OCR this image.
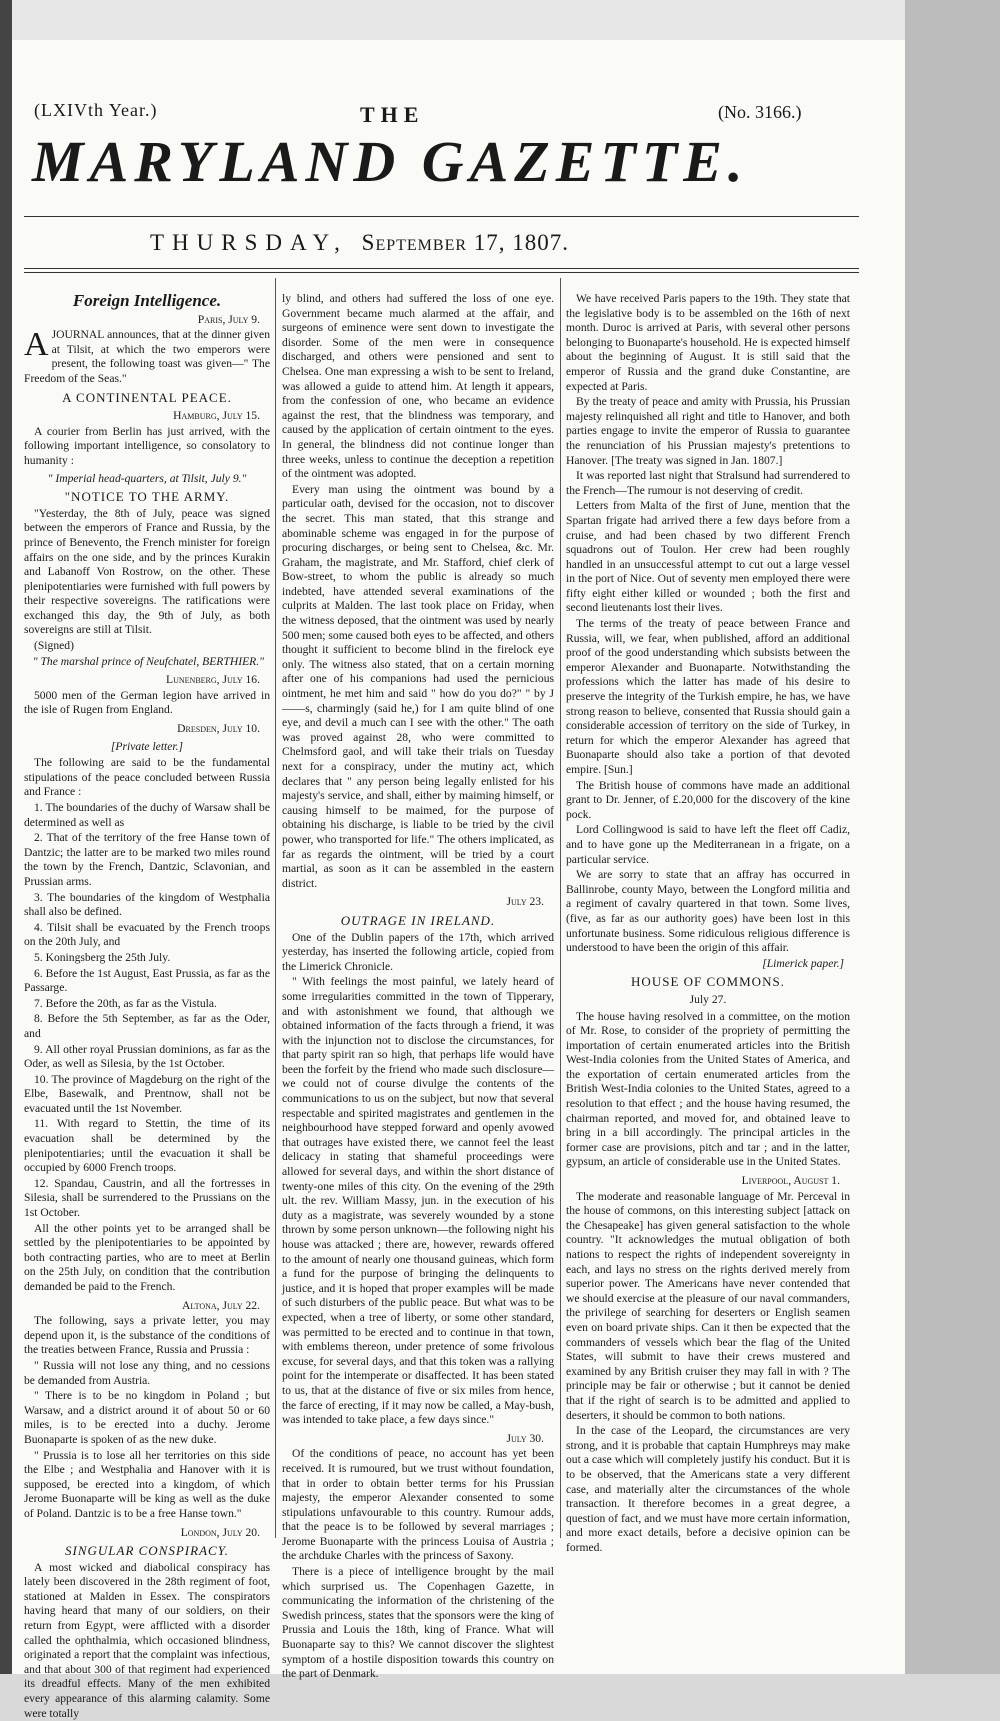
(LXIVth Year.)	THE	(No. 3166.)
MARYLAND GAZETTE.
THURSDAY, September 17, 1807.
Foreign Intelligence.
Paris, July 9.

AJOURNAL announces, that at the dinner given at Tilsit, at which the two emperors were present, the following toast was given—" The Freedom of the Seas."

A CONTINENTAL PEACE.
Hamburg, July 15.

A courier from Berlin has just arrived, with the following important intelligence, so consolatory to humanity :

" Imperial head-quarters, at Tilsit, July 9."

"NOTICE TO THE ARMY.

"Yesterday, the 8th of July, peace was signed between the emperors of France and Russia, by the prince of Benevento, the French minister for foreign affairs on the one side, and by the princes Kurakin and Labanoff Von Rostrow, on the other. These plenipotentiaries were furnished with full powers by their respective sovereigns. The ratifications were exchanged this day, the 9th of July, as both sovereigns are still at Tilsit.

(Signed)

" The marshal prince of Neufchatel, BERTHIER."

Lunenberg, July 16.

5000 men of the German legion have arrived in the isle of Rugen from England.

Dresden, July 10.

[Private letter.]

The following are said to be the fundamental stipulations of the peace concluded between Russia and France :

1. The boundaries of the duchy of Warsaw shall be determined as well as

2. That of the territory of the free Hanse town of Dantzic; the latter are to be marked two miles round the town by the French, Dantzic, Sclavonian, and Prussian arms.

3. The boundaries of the kingdom of Westphalia shall also be defined.

4. Tilsit shall be evacuated by the French troops on the 20th July, and

5. Koningsberg the 25th July.

6. Before the 1st August, East Prussia, as far as the Passarge.

7. Before the 20th, as far as the Vistula.

8. Before the 5th September, as far as the Oder, and

9. All other royal Prussian dominions, as far as the Oder, as well as Silesia, by the 1st October.

10. The province of Magdeburg on the right of the Elbe, Basewalk, and Prentnow, shall not be evacuated until the 1st November.

11. With regard to Stettin, the time of its evacuation shall be determined by the plenipotentiaries; until the evacuation it shall be occupied by 6000 French troops.

12. Spandau, Caustrin, and all the fortresses in Silesia, shall be surrendered to the Prussians on the 1st October.

All the other points yet to be arranged shall be settled by the plenipotentiaries to be appointed by both contracting parties, who are to meet at Berlin on the 25th July, on condition that the contribution demanded be paid to the French.

Altona, July 22.

The following, says a private letter, you may depend upon it, is the substance of the conditions of the treaties between France, Russia and Prussia :

" Russia will not lose any thing, and no cessions be demanded from Austria.

" There is to be no kingdom in Poland ; but Warsaw, and a district around it of about 50 or 60 miles, is to be erected into a duchy. Jerome Buonaparte is spoken of as the new duke.

" Prussia is to lose all her territories on this side the Elbe ; and Westphalia and Hanover with it is supposed, be erected into a kingdom, of which Jerome Buonaparte will be king as well as the duke of Poland. Dantzic is to be a free Hanse town."

London, July 20.
SINGULAR CONSPIRACY.

A most wicked and diabolical conspiracy has lately been discovered in the 28th regiment of foot, stationed at Malden in Essex. The conspirators having heard that many of our soldiers, on their return from Egypt, were afflicted with a disorder called the ophthalmia, which occasioned blindness, originated a report that the complaint was infectious, and that about 300 of that regiment had experienced its dreadful effects. Many of the men exhibited every appearance of this alarming calamity. Some were totally

ly blind, and others had suffered the loss of one eye. Government became much alarmed at the affair, and surgeons of eminence were sent down to investigate the disorder. Some of the men were in consequence discharged, and others were pensioned and sent to Chelsea. One man expressing a wish to be sent to Ireland, was allowed a guide to attend him. At length it appears, from the confession of one, who became an evidence against the rest, that the blindness was temporary, and caused by the application of certain ointment to the eyes. In general, the blindness did not continue longer than three weeks, unless to continue the deception a repetition of the ointment was adopted.

Every man using the ointment was bound by a particular oath, devised for the occasion, not to discover the secret. This man stated, that this strange and abominable scheme was engaged in for the purpose of procuring discharges, or being sent to Chelsea, &c. Mr. Graham, the magistrate, and Mr. Stafford, chief clerk of Bow-street, to whom the public is already so much indebted, have attended several examinations of the culprits at Malden. The last took place on Friday, when the witness deposed, that the ointment was used by nearly 500 men; some caused both eyes to be affected, and others thought it sufficient to become blind in the firelock eye only. The witness also stated, that on a certain morning after one of his companions had used the pernicious ointment, he met him and said " how do you do?" " by J——s, charmingly (said he,) for I am quite blind of one eye, and devil a much can I see with the other." The oath was proved against 28, who were committed to Chelmsford gaol, and will take their trials on Tuesday next for a conspiracy, under the mutiny act, which declares that " any person being legally enlisted for his majesty's service, and shall, either by maiming himself, or causing himself to be maimed, for the purpose of obtaining his discharge, is liable to be tried by the civil power, who transported for life." The others implicated, as far as regards the ointment, will be tried by a court martial, as soon as it can be assembled in the eastern district.

July 23.
OUTRAGE IN IRELAND.

One of the Dublin papers of the 17th, which arrived yesterday, has inserted the following article, copied from the Limerick Chronicle.

" With feelings the most painful, we lately heard of some irregularities committed in the town of Tipperary, and with astonishment we found, that although we obtained information of the facts through a friend, it was with the injunction not to disclose the circumstances, for that party spirit ran so high, that perhaps life would have been the forfeit by the friend who made such disclosure—we could not of course divulge the contents of the communications to us on the subject, but now that several respectable and spirited magistrates and gentlemen in the neighbourhood have stepped forward and openly avowed that outrages have existed there, we cannot feel the least delicacy in stating that shameful proceedings were allowed for several days, and within the short distance of twenty-one miles of this city. On the evening of the 29th ult. the rev. William Massy, jun. in the execution of his duty as a magistrate, was severely wounded by a stone thrown by some person unknown—the following night his house was attacked ; there are, however, rewards offered to the amount of nearly one thousand guineas, which form a fund for the purpose of bringing the delinquents to justice, and it is hoped that proper examples will be made of such disturbers of the public peace. But what was to be expected, when a tree of liberty, or some other standard, was permitted to be erected and to continue in that town, with emblems thereon, under pretence of some frivolous excuse, for several days, and that this token was a rallying point for the intemperate or disaffected. It has been stated to us, that at the distance of five or six miles from hence, the farce of erecting, if it may now be called, a May-bush, was intended to take place, a few days since."

July 30.

Of the conditions of peace, no account has yet been received. It is rumoured, but we trust without foundation, that in order to obtain better terms for his Prussian majesty, the emperor Alexander consented to some stipulations unfavourable to this country. Rumour adds, that the peace is to be followed by several marriages ; Jerome Buonaparte with the princess Louisa of Austria ; the archduke Charles with the princess of Saxony.

There is a piece of intelligence brought by the mail which surprised us. The Copenhagen Gazette, in communicating the information of the christening of the Swedish princess, states that the sponsors were the king of Prussia and Louis the 18th, king of France. What will Buonaparte say to this? We cannot discover the slightest symptom of a hostile disposition towards this country on the part of Denmark.

We have received Paris papers to the 19th. They state that the legislative body is to be assembled on the 16th of next month. Duroc is arrived at Paris, with several other persons belonging to Buonaparte's household. He is expected himself about the beginning of August. It is still said that the emperor of Russia and the grand duke Constantine, are expected at Paris.

By the treaty of peace and amity with Prussia, his Prussian majesty relinquished all right and title to Hanover, and both parties engage to invite the emperor of Russia to guarantee the renunciation of his Prussian majesty's pretentions to Hanover. [The treaty was signed in Jan. 1807.]

It was reported last night that Stralsund had surrendered to the French—The rumour is not deserving of credit.

Letters from Malta of the first of June, mention that the Spartan frigate had arrived there a few days before from a cruise, and had been chased by two different French squadrons out of Toulon. Her crew had been roughly handled in an unsuccessful attempt to cut out a large vessel in the port of Nice. Out of seventy men employed there were fifty eight either killed or wounded ; both the first and second lieutenants lost their lives.

The terms of the treaty of peace between France and Russia, will, we fear, when published, afford an additional proof of the good understanding which subsists between the emperor Alexander and Buonaparte. Notwithstanding the professions which the latter has made of his desire to preserve the integrity of the Turkish empire, he has, we have strong reason to believe, consented that Russia should gain a considerable accession of territory on the side of Turkey, in return for which the emperor Alexander has agreed that Buonaparte should also take a portion of that devoted empire. [Sun.]

The British house of commons have made an additional grant to Dr. Jenner, of £.20,000 for the discovery of the kine pock.

Lord Collingwood is said to have left the fleet off Cadiz, and to have gone up the Mediterranean in a frigate, on a particular service.

We are sorry to state that an affray has occurred in Ballinrobe, county Mayo, between the Longford militia and a regiment of cavalry quartered in that town. Some lives, (five, as far as our authority goes) have been lost in this unfortunate business. Some ridiculous religious difference is understood to have been the origin of this affair.

[Limerick paper.]

HOUSE OF COMMONS.
July 27.

The house having resolved in a committee, on the motion of Mr. Rose, to consider of the propriety of permitting the importation of certain enumerated articles into the British West-India colonies from the United States of America, and the exportation of certain enumerated articles from the British West-India colonies to the United States, agreed to a resolution to that effect ; and the house having resumed, the chairman reported, and moved for, and obtained leave to bring in a bill accordingly. The principal articles in the former case are provisions, pitch and tar ; and in the latter, gypsum, an article of considerable use in the United States.

Liverpool, August 1.

The moderate and reasonable language of Mr. Perceval in the house of commons, on this interesting subject [attack on the Chesapeake] has given general satisfaction to the whole country. "It acknowledges the mutual obligation of both nations to respect the rights of independent sovereignty in each, and lays no stress on the rights derived merely from superior power. The Americans have never contended that we should exercise at the pleasure of our naval commanders, the privilege of searching for deserters or English seamen even on board private ships. Can it then be expected that the commanders of vessels which bear the flag of the United States, will submit to have their crews mustered and examined by any British cruiser they may fall in with ? The principle may be fair or otherwise ; but it cannot be denied that if the right of search is to be admitted and applied to deserters, it should be common to both nations.

In the case of the Leopard, the circumstances are very strong, and it is probable that captain Humphreys may make out a case which will completely justify his conduct. But it is to be observed, that the Americans state a very different case, and materially alter the circumstances of the whole transaction. It therefore becomes in a great degree, a question of fact, and we must have more certain information, and more exact details, before a decisive opinion can be formed.
